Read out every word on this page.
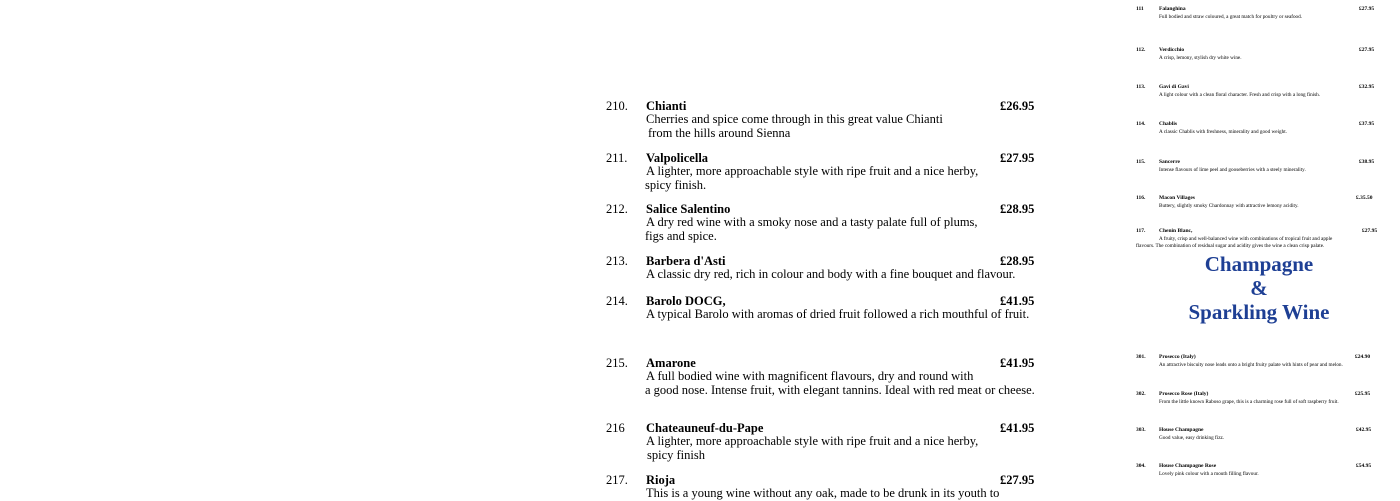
210. Chianti	£26.95
Cherries and spice come through in this great value Chianti
from the hills around Sienna
211. Valpolicella	£27.95
A lighter, more approachable style with ripe fruit and a nice herby,
spicy finish.
212. Salice Salentino	£28.95
A dry red wine with a smoky nose and a tasty palate full of plums,
figs and spice.
213. Barbera d'Asti	£28.95
A classic dry red, rich in colour and body with a fine bouquet and flavour.
214. Barolo DOCG,	£41.95
A typical Barolo with aromas of dried fruit followed a rich mouthful of fruit.
215. Amarone	£41.95
A full bodied wine with magnificent flavours, dry and round with
a good nose. Intense fruit, with elegant tannins. Ideal with red meat or cheese.
216 Chateauneuf-du-Pape	£41.95
A lighter, more approachable style with ripe fruit and a nice herby,
spicy finish
217. Rioja	£27.95
This is a young wine without any oak, made to be drunk in its youth to
111	Falanghina	£27.95
Full bodied and straw coloured, a great match for poultry or seafood.
112. Verdicchio	£27.95
A crisp, lemony, stylish dry white wine.
113. Gavi di Gavi	£32.95
A light colour with a clean floral character. Fresh and crisp with a long finish.
114. Chablis	£37.95
A classic Chablis with freshness, minerality and good weight.
115. Sancerre	£38.95
Intense flavours of lime peel and gooseberries with a steely minerality.
116. Macon Villages	£.35.50
Buttery, slightly smoky Chardonnay with attractive lemony acidity.
117. Chenin Blanc,	£27.95
A fruity, crisp and well-balanced wine with combinations of tropical fruit and apple
flavours. The combination of residual sugar and acidity gives the wine a clean crisp palate.
Champagne
&
Sparkling Wine
301. Prosecco (Italy)	£24.90
An attractive biscuity nose leads onto a bright fruity palate with hints of pear and melon.
302. Prosecco Rose (Italy)	£25.95
From the little known Raboso grape, this is a charming rose full of soft raspberry fruit.
303. House Champagne	£42.95
Good value, easy drinking fizz.
304. House Champagne Rose	£54.95
Lovely pink colour with a mouth filling flavour.
